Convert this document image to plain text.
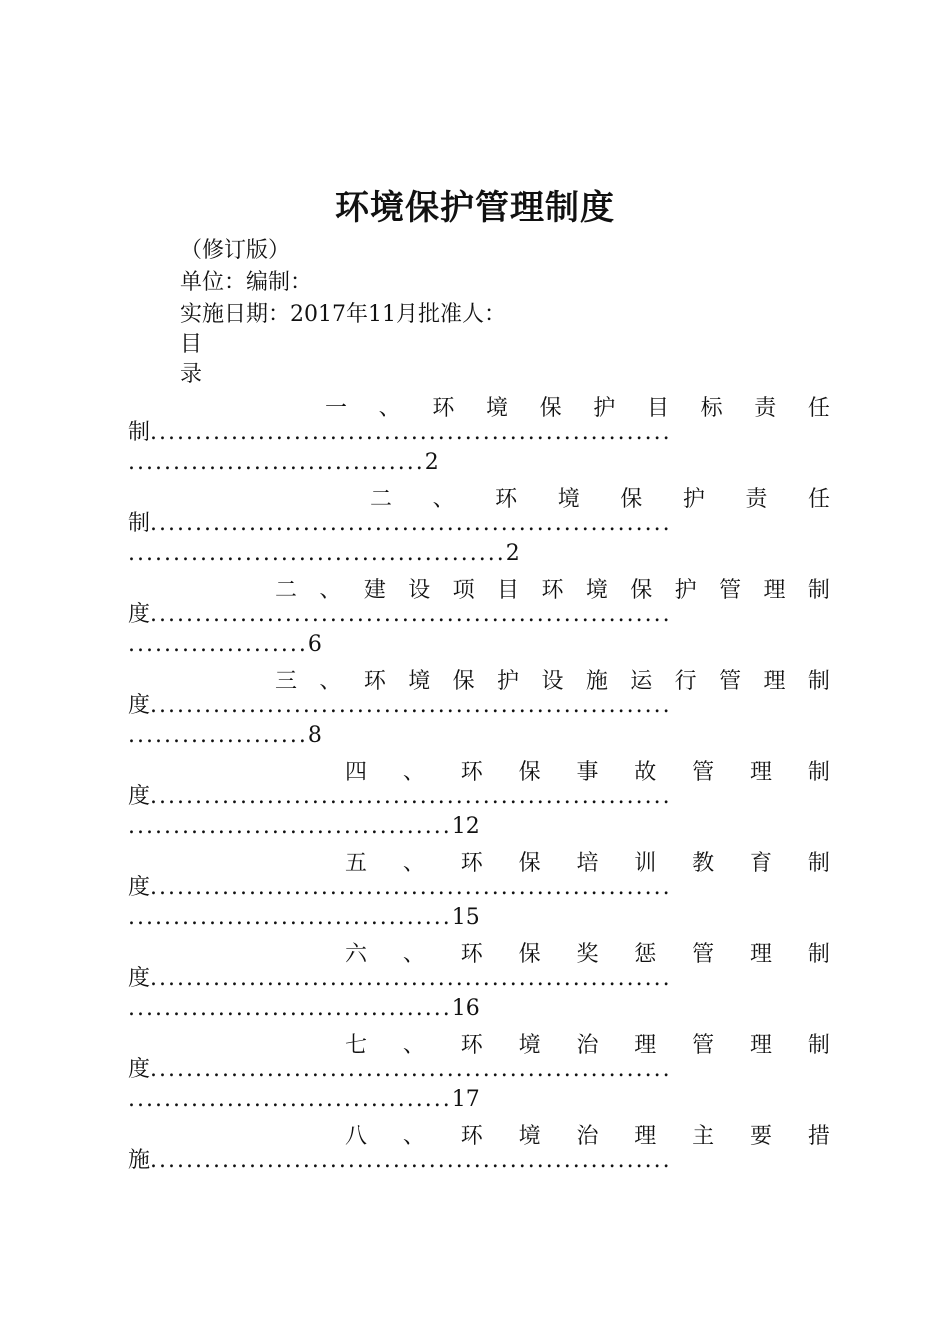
环境保护管理制度
（修订版）
单位：编制：
实施日期：2017年11月批准人：
目
录
一 、 环 境 保 护 目 标 责 任
制 ..........................................................
.................................2
二 、 环 境 保 护 责 任
制 ..........................................................
..........................................2
二 、 建 设 项 目 环 境 保 护 管 理 制
度 ..........................................................
....................6
三 、 环 境 保 护 设 施 运 行 管 理 制
度 ..........................................................
....................8
四 、 环 保 事 故 管 理 制
度 ..........................................................
....................................12
五 、 环 保 培 训 教 育 制
度 ..........................................................
....................................15
六 、 环 保 奖 惩 管 理 制
度 ..........................................................
....................................16
七 、 环 境 治 理 管 理 制
度 ..........................................................
....................................17
八 、 环 境 治 理 主 要 措
施 ..........................................................
